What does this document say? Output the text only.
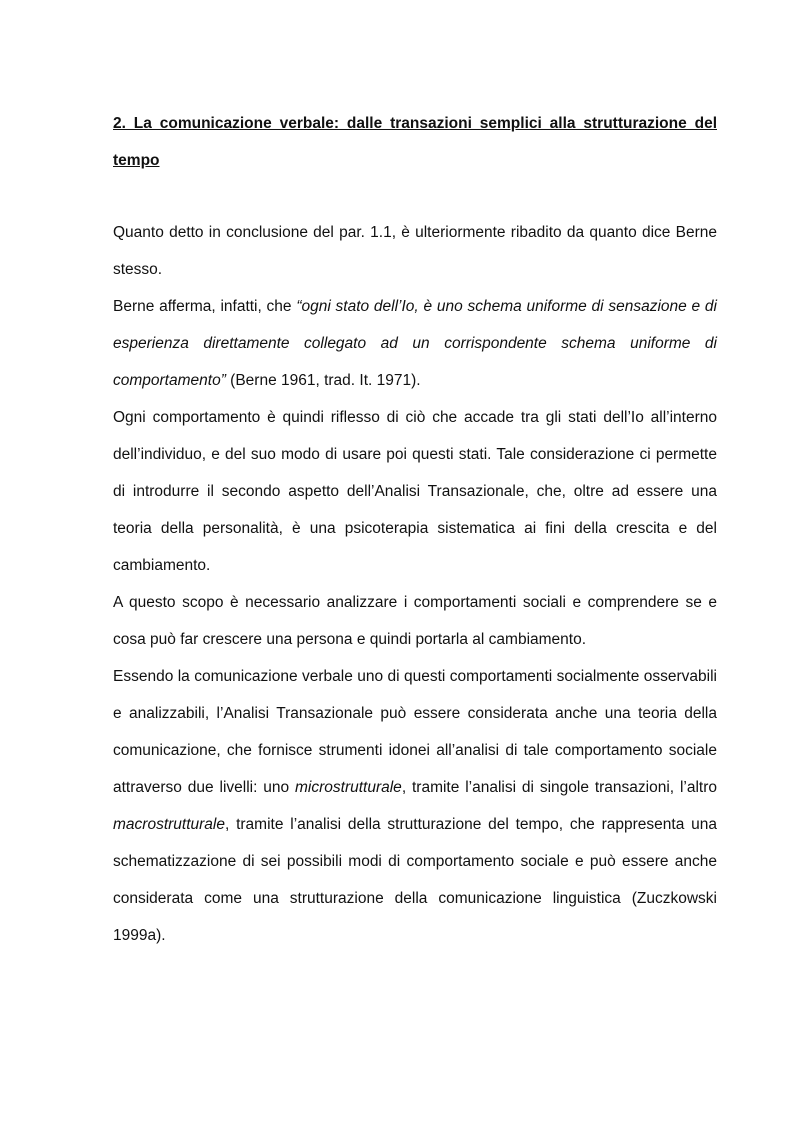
2. La comunicazione verbale: dalle transazioni semplici alla strutturazione del tempo

Quanto detto in conclusione del par. 1.1, è ulteriormente ribadito da quanto dice Berne stesso.

Berne afferma, infatti, che “ogni stato dell’Io, è uno schema uniforme di sensazione e di esperienza direttamente collegato ad un corrispondente schema uniforme di comportamento” (Berne 1961, trad. It. 1971).

Ogni comportamento è quindi riflesso di ciò che accade tra gli stati dell’Io all’interno dell’individuo, e del suo modo di usare poi questi stati. Tale considerazione ci permette di introdurre il secondo aspetto dell’Analisi Transazionale, che, oltre ad essere una teoria della personalità, è una psicoterapia sistematica ai fini della crescita e del cambiamento.

A questo scopo è necessario analizzare i comportamenti sociali e comprendere se e cosa può far crescere una persona e quindi portarla al cambiamento.

Essendo la comunicazione verbale uno di questi comportamenti socialmente osservabili e analizzabili, l’Analisi Transazionale può essere considerata anche una teoria della comunicazione, che fornisce strumenti idonei all’analisi di tale comportamento sociale attraverso due livelli: uno microstrutturale, tramite l’analisi di singole transazioni, l’altro macrostrutturale, tramite l’analisi della strutturazione del tempo, che rappresenta una schematizzazione di sei possibili modi di comportamento sociale e può essere anche considerata come una strutturazione della comunicazione linguistica (Zuczkowski 1999a).
